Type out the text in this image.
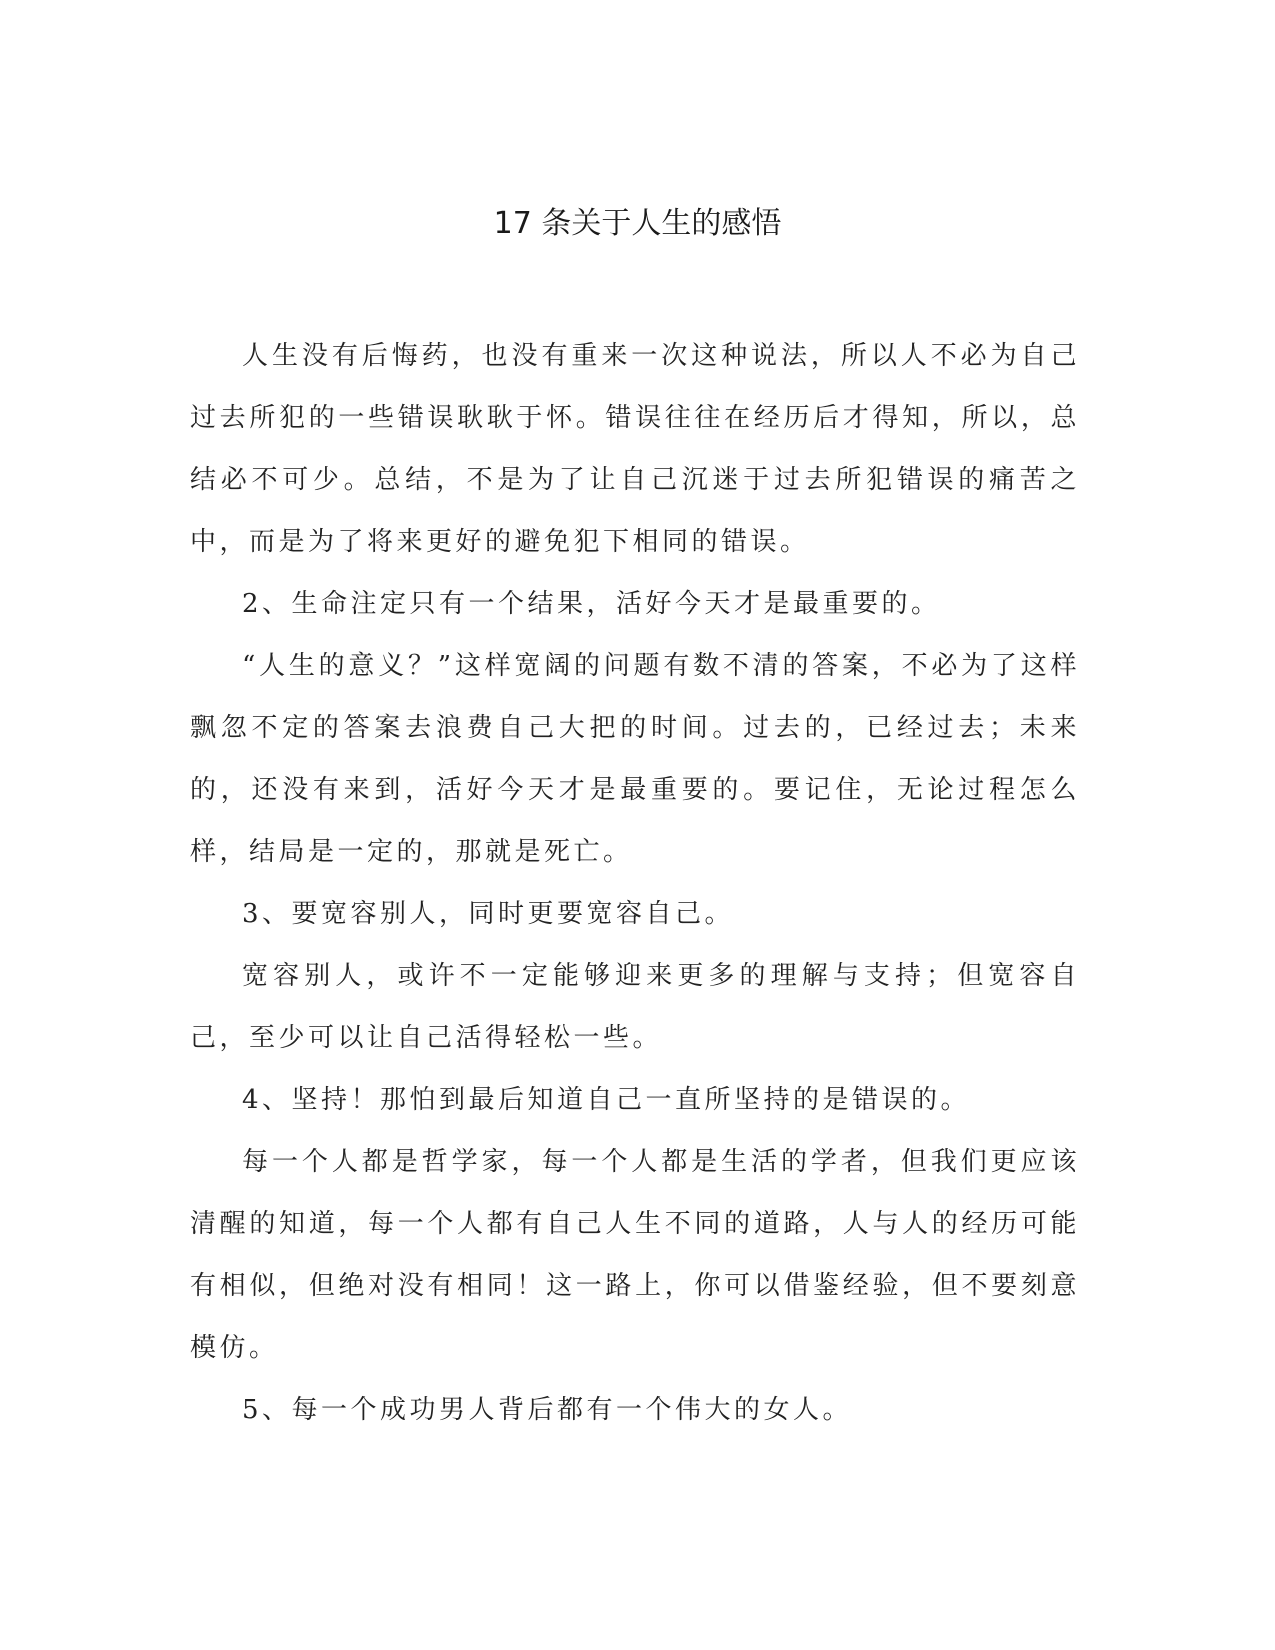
17 条关于人生的感悟

人生没有后悔药，也没有重来一次这种说法，所以人不必为自己过去所犯的一些错误耿耿于怀。错误往往在经历后才得知，所以，总结必不可少。总结，不是为了让自己沉迷于过去所犯错误的痛苦之中，而是为了将来更好的避免犯下相同的错误。

2、生命注定只有一个结果，活好今天才是最重要的。

“人生的意义？”这样宽阔的问题有数不清的答案，不必为了这样飘忽不定的答案去浪费自己大把的时间。过去的，已经过去；未来的，还没有来到，活好今天才是最重要的。要记住，无论过程怎么样，结局是一定的，那就是死亡。

3、要宽容别人，同时更要宽容自己。

宽容别人，或许不一定能够迎来更多的理解与支持；但宽容自己，至少可以让自己活得轻松一些。

4、坚持！那怕到最后知道自己一直所坚持的是错误的。

每一个人都是哲学家，每一个人都是生活的学者，但我们更应该清醒的知道，每一个人都有自己人生不同的道路，人与人的经历可能有相似，但绝对没有相同！这一路上，你可以借鉴经验，但不要刻意模仿。

5、每一个成功男人背后都有一个伟大的女人。
